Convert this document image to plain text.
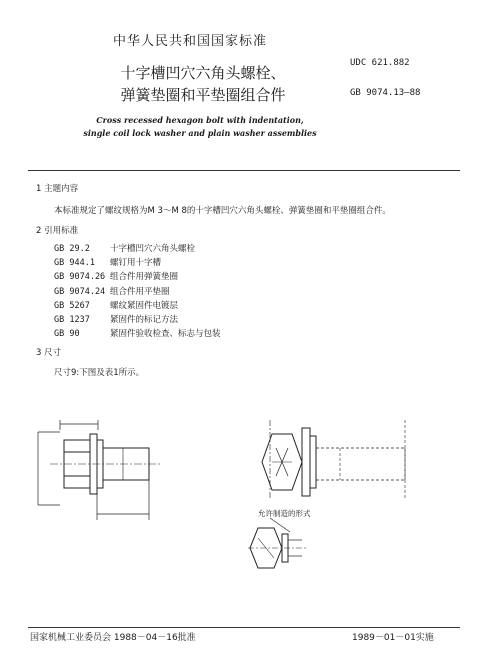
中华人民共和国国家标准
十字槽凹穴六角头螺栓、
弹簧垫圈和平垫圈组合件
UDC 621.882
GB 9074.13—88
Cross recessed hexagon bolt with indentation,
single coil lock washer and plain washer assemblies
1 主题内容
本标准规定了螺纹规格为M 3～M 8的十字槽凹穴六角头螺栓、弹簧垫圈和平垫圈组合件。
2 引用标准
GB 29.2	十字槽凹穴六角头螺栓
GB 944.1	螺钉用十字槽
GB 9074.26 组合件用弹簧垫圈
GB 9074.24 组合件用平垫圈
GB 5267	螺纹紧固件电镀层
GB 1237	紧固件的标记方法
GB 90	紧固件验收检查、标志与包装
3 尺寸
尺寸9:下图及表1所示。
允许制造的形式
国家机械工业委员会 1988－04－16批准	1989－01－01实施
